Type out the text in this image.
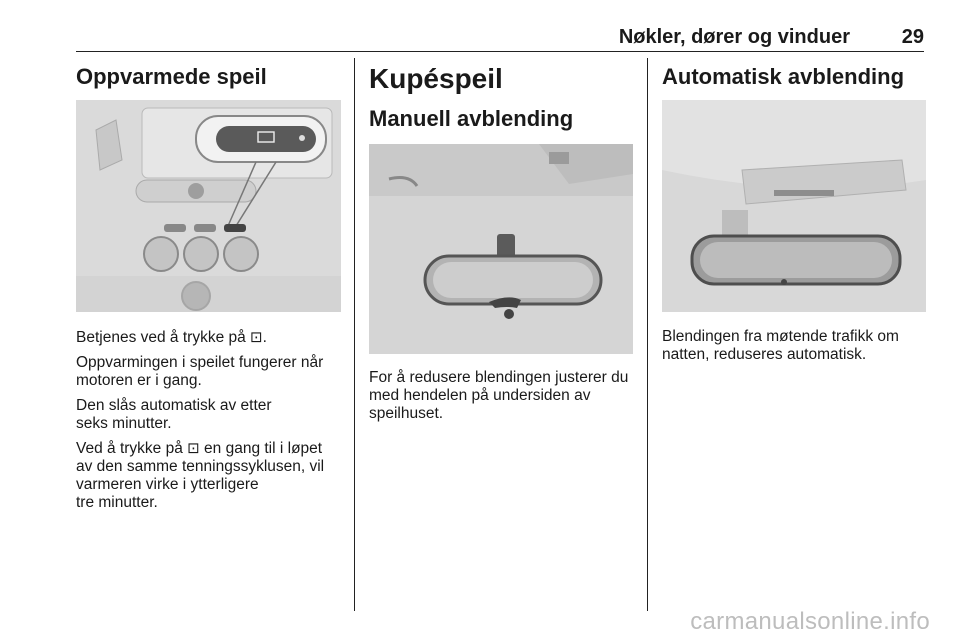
Nøkler, dører og vinduer	29
Oppvarmede speil

Betjenes ved å trykke på ⊡.

Oppvarmingen i speilet fungerer når
motoren er i gang.

Den slås automatisk av etter
seks minutter.

Ved å trykke på ⊡ en gang til i løpet
av den samme tenningssyklusen, vil
varmeren virke i ytterligere
tre minutter.

Kupéspeil
Manuell avblending

For å redusere blendingen justerer du
med hendelen på undersiden av
speilhuset.

Automatisk avblending

Blendingen fra møtende trafikk om
natten, reduseres automatisk.

carmanualsonline.info
